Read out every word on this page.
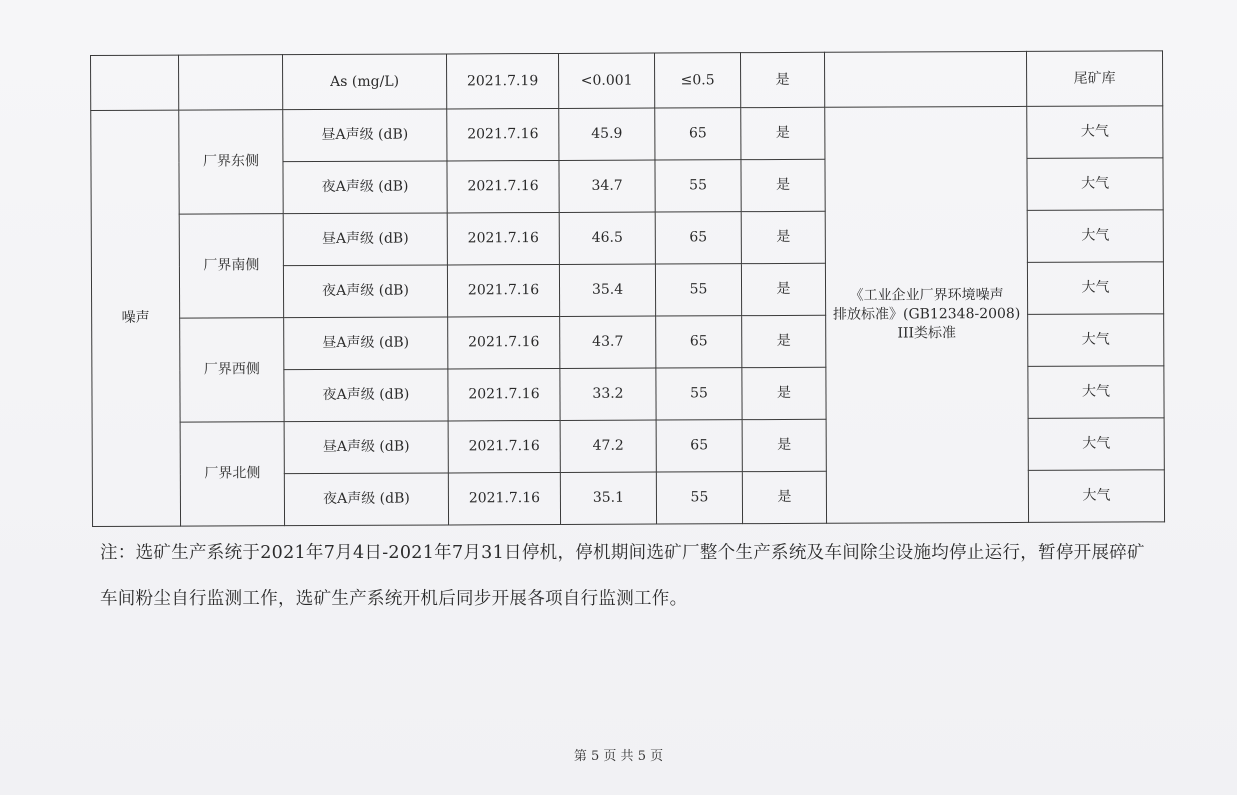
		As (mg/L)	2021.7.19	<0.001	≤0.5	是		尾矿库
噪声	厂界东侧	昼A声级 (dB)	2021.7.16	45.9	65	是	《工业企业厂界环境噪声
排放标准》(GB12348-2008)
III类标准	大气
		夜A声级 (dB)	2021.7.16	34.7	55	是		大气
	厂界南侧	昼A声级 (dB)	2021.7.16	46.5	65	是		大气
		夜A声级 (dB)	2021.7.16	35.4	55	是		大气
	厂界西侧	昼A声级 (dB)	2021.7.16	43.7	65	是		大气
		夜A声级 (dB)	2021.7.16	33.2	55	是		大气
	厂界北侧	昼A声级 (dB)	2021.7.16	47.2	65	是		大气
		夜A声级 (dB)	2021.7.16	35.1	55	是		大气

注：选矿生产系统于2021年7月4日-2021年7月31日停机，停机期间选矿厂整个生产系统及车间除尘设施均停止运行，暂停开展碎矿车间粉尘自行监测工作，选矿生产系统开机后同步开展各项自行监测工作。

第 5 页 共 5 页
